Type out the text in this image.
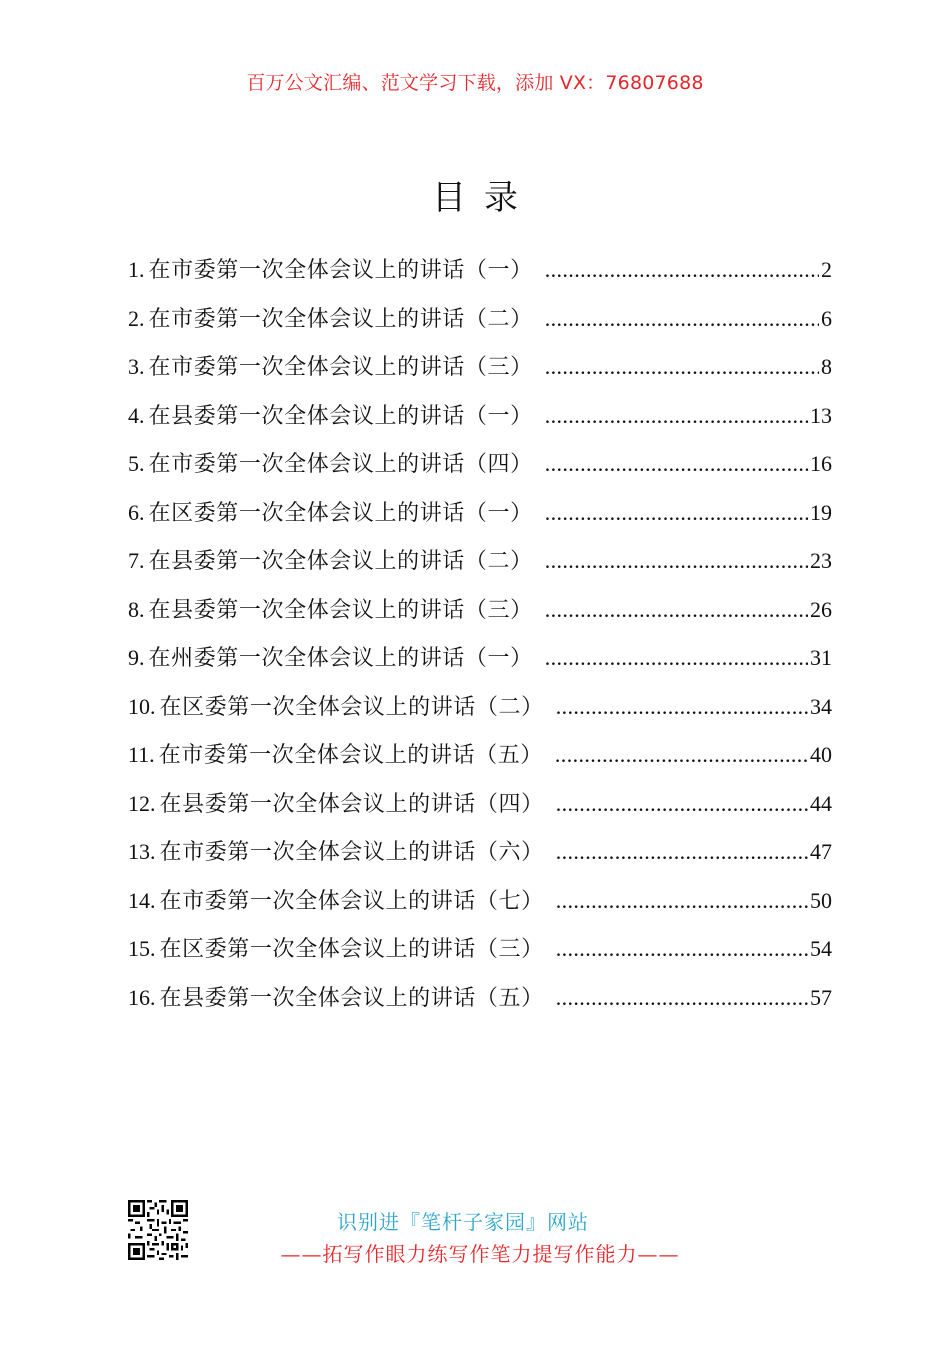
百万公文汇编、范文学习下载，添加 VX：76807688
目录
1. 在市委第一次全体会议上的讲话（一） .....	2
2. 在市委第一次全体会议上的讲话（二） .....	6
3. 在市委第一次全体会议上的讲话（三） .....	8
4. 在县委第一次全体会议上的讲话（一） .....	13
5. 在市委第一次全体会议上的讲话（四） .....	16
6. 在区委第一次全体会议上的讲话（一） .....	19
7. 在县委第一次全体会议上的讲话（二） .....	23
8. 在县委第一次全体会议上的讲话（三） .....	26
9. 在州委第一次全体会议上的讲话（一） .....	31
10. 在区委第一次全体会议上的讲话（二） .....	34
11. 在市委第一次全体会议上的讲话（五） .....	40
12. 在县委第一次全体会议上的讲话（四） .....	44
13. 在市委第一次全体会议上的讲话（六） .....	47
14. 在市委第一次全体会议上的讲话（七） .....	50
15. 在区委第一次全体会议上的讲话（三） .....	54
16. 在县委第一次全体会议上的讲话（五） .....	57
识别进『笔杆子家园』网站
——拓写作眼力练写作笔力提写作能力——
